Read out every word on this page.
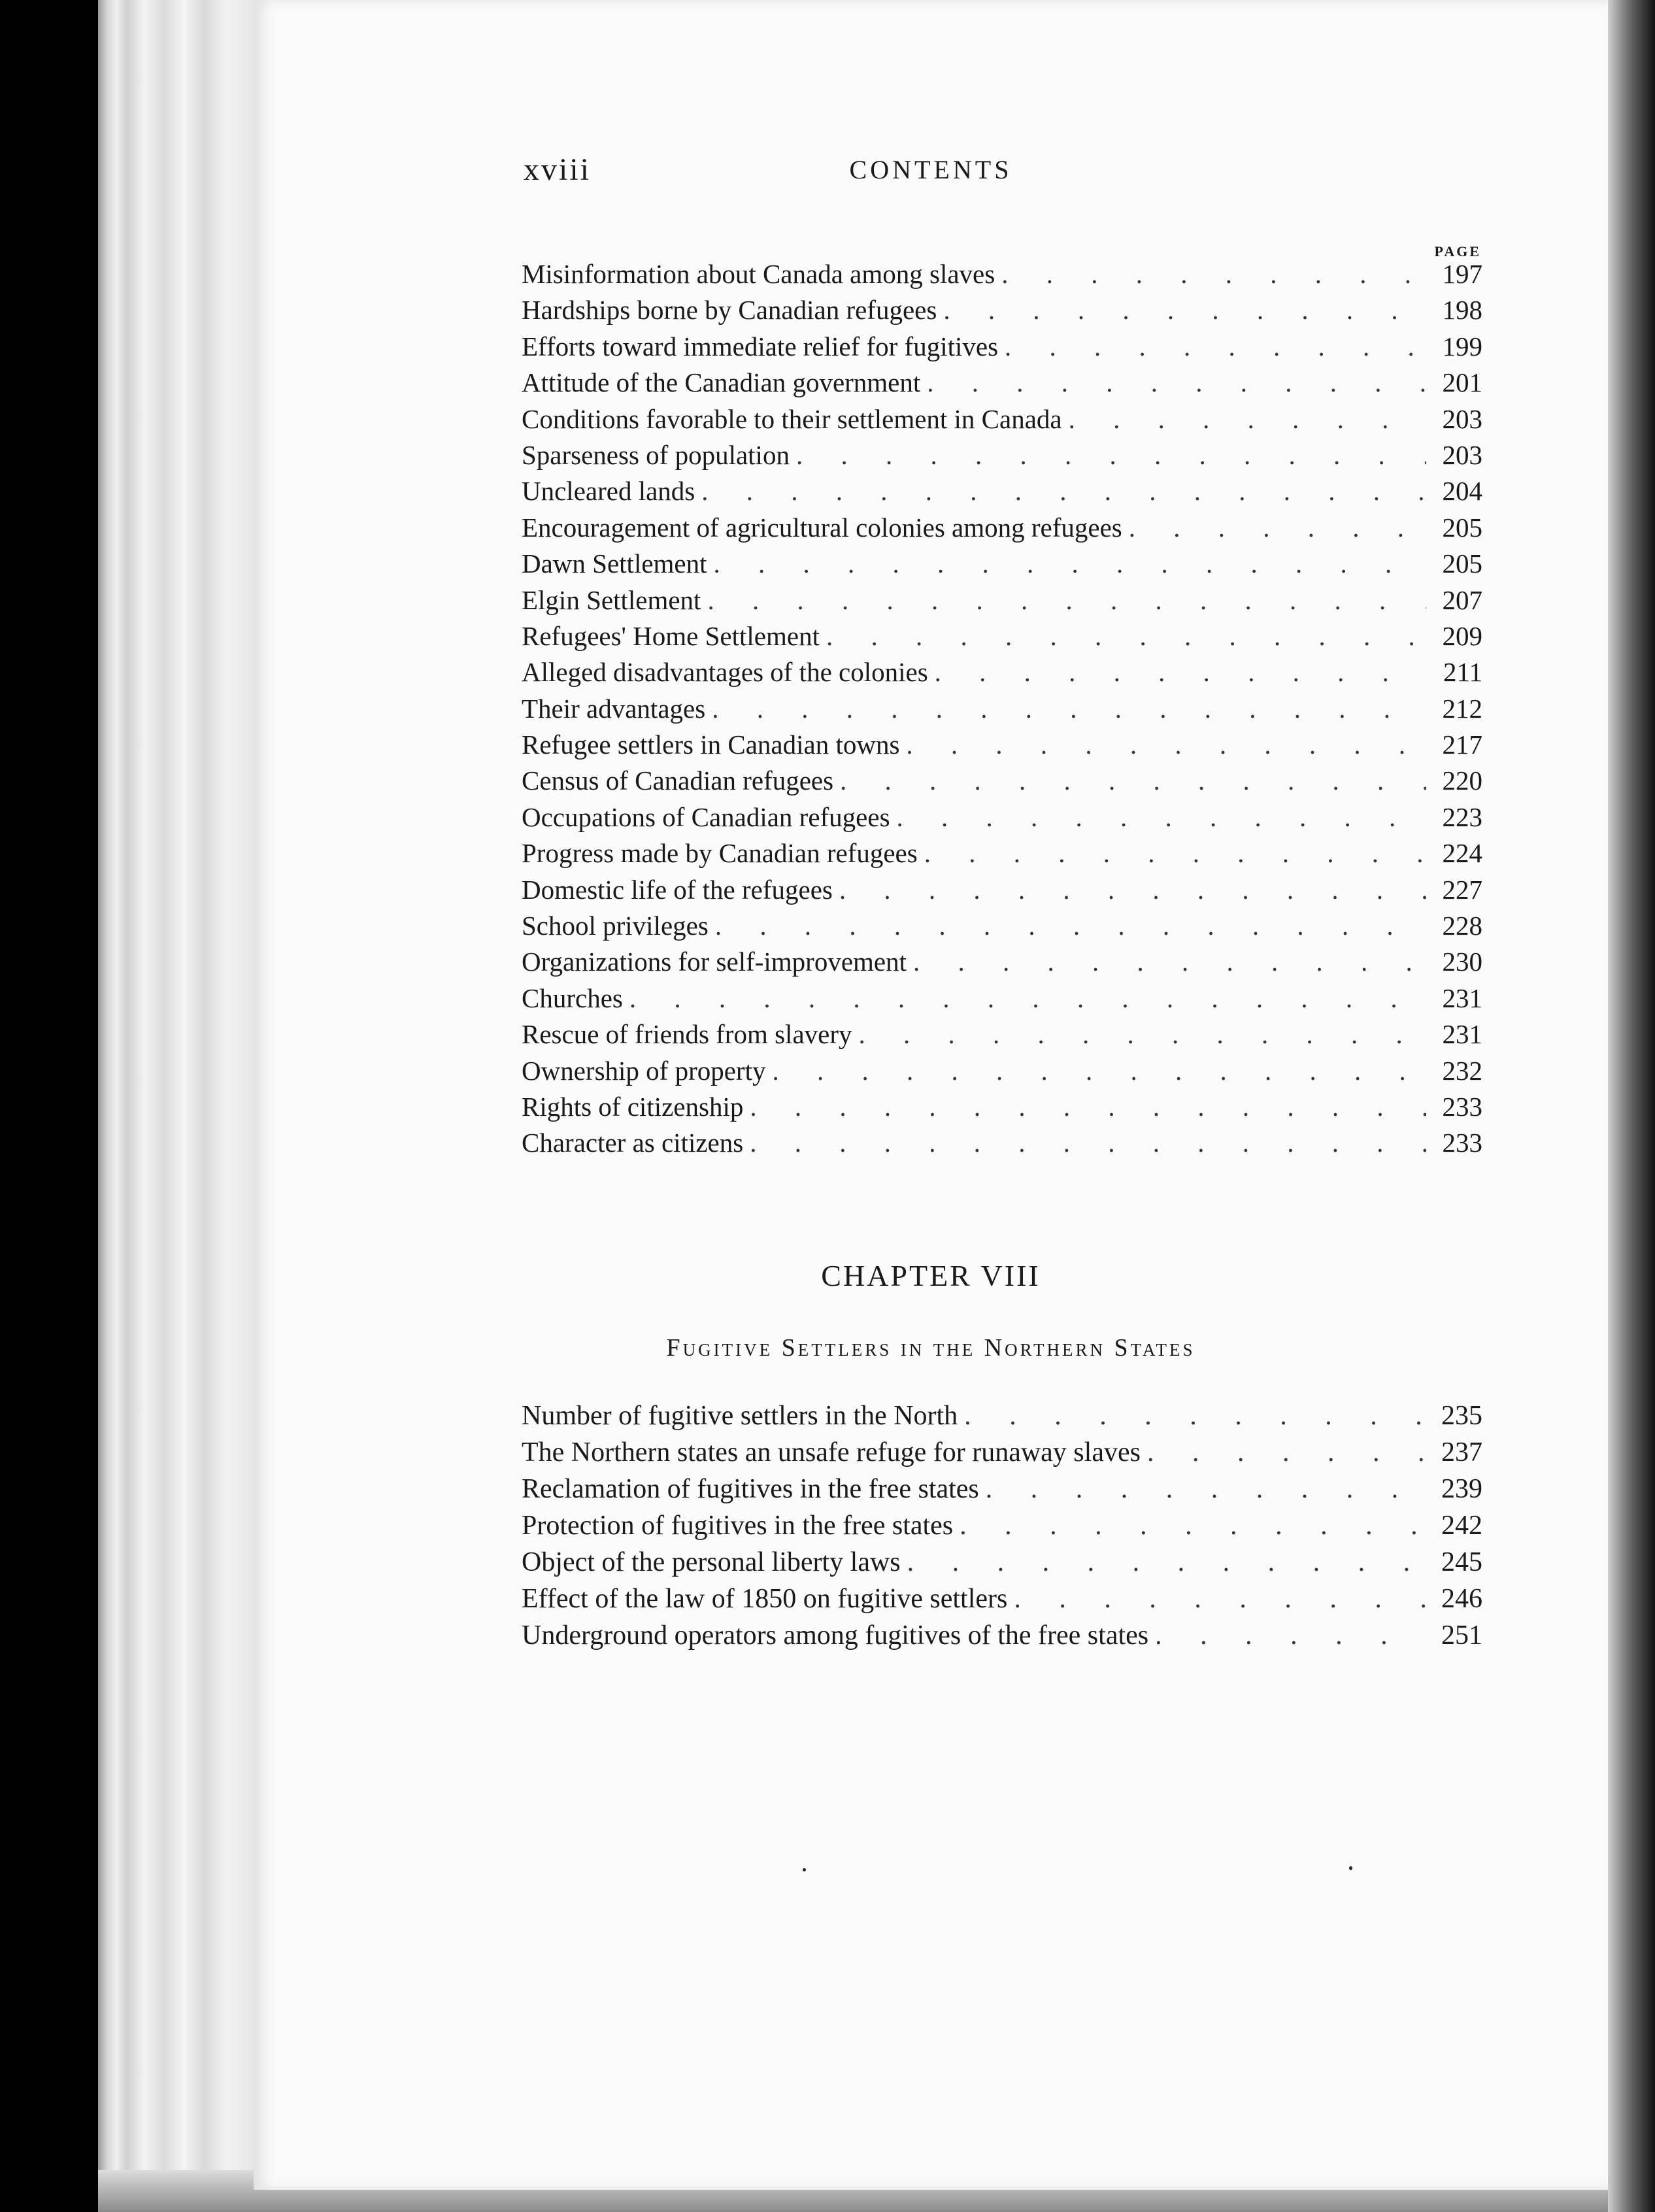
xviii	CONTENTS
PAGE
Misinformation about Canada among slaves . . .	197
Hardships borne by Canadian refugees . . .	198
Efforts toward immediate relief for fugitives . . .	199
Attitude of the Canadian government . . .	201
Conditions favorable to their settlement in Canada . . .	203
Sparseness of population . . .	203
Uncleared lands . . .	204
Encouragement of agricultural colonies among refugees . . .	205
Dawn Settlement . . .	205
Elgin Settlement . . .	207
Refugees' Home Settlement . . .	209
Alleged disadvantages of the colonies . . .	211
Their advantages . . .	212
Refugee settlers in Canadian towns . . .	217
Census of Canadian refugees . . .	220
Occupations of Canadian refugees . . .	223
Progress made by Canadian refugees . . .	224
Domestic life of the refugees . . .	227
School privileges . . .	228
Organizations for self-improvement . . .	230
Churches . . .	231
Rescue of friends from slavery . . .	231
Ownership of property . . .	232
Rights of citizenship . . .	233
Character as citizens . . .	233
CHAPTER VIII
Fugitive Settlers in the Northern States
Number of fugitive settlers in the North . . .	235
The Northern states an unsafe refuge for runaway slaves . . .	237
Reclamation of fugitives in the free states . . .	239
Protection of fugitives in the free states . . .	242
Object of the personal liberty laws . . .	245
Effect of the law of 1850 on fugitive settlers . . .	246
Underground operators among fugitives of the free states . . .	251
